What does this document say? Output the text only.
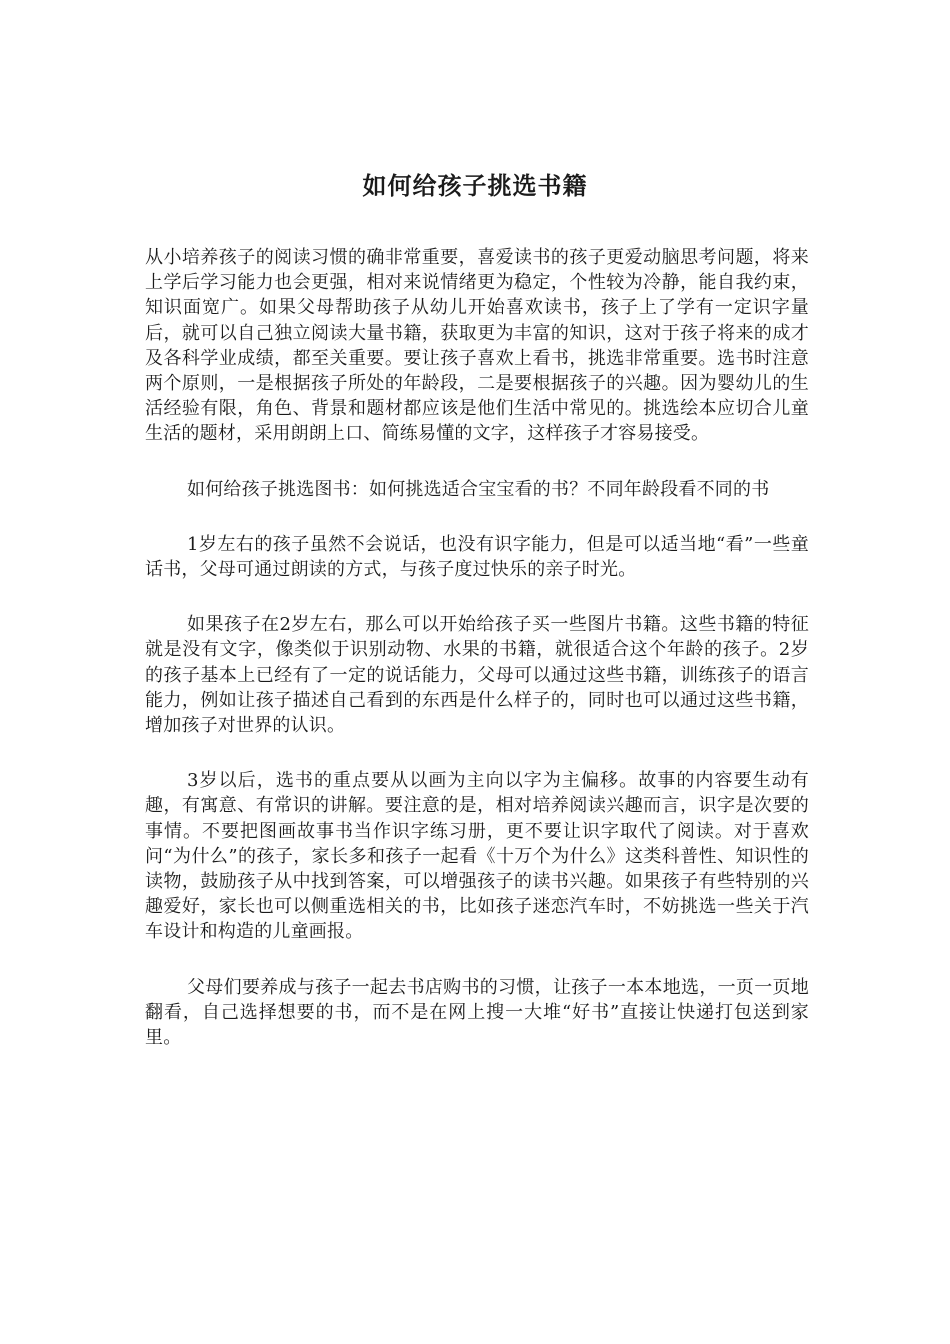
如何给孩子挑选书籍

从小培养孩子的阅读习惯的确非常重要，喜爱读书的孩子更爱动脑思考问题，将来上学后学习能力也会更强，相对来说情绪更为稳定，个性较为冷静，能自我约束，知识面宽广。如果父母帮助孩子从幼儿开始喜欢读书，孩子上了学有一定识字量后，就可以自己独立阅读大量书籍，获取更为丰富的知识，这对于孩子将来的成才及各科学业成绩，都至关重要。要让孩子喜欢上看书，挑选非常重要。选书时注意两个原则，一是根据孩子所处的年龄段，二是要根据孩子的兴趣。因为婴幼儿的生活经验有限，角色、背景和题材都应该是他们生活中常见的。挑选绘本应切合儿童生活的题材，采用朗朗上口、简练易懂的文字，这样孩子才容易接受。

如何给孩子挑选图书：如何挑选适合宝宝看的书？不同年龄段看不同的书

1岁左右的孩子虽然不会说话，也没有识字能力，但是可以适当地“看”一些童话书，父母可通过朗读的方式，与孩子度过快乐的亲子时光。

如果孩子在2岁左右，那么可以开始给孩子买一些图片书籍。这些书籍的特征就是没有文字，像类似于识别动物、水果的书籍，就很适合这个年龄的孩子。2岁的孩子基本上已经有了一定的说话能力，父母可以通过这些书籍，训练孩子的语言能力，例如让孩子描述自己看到的东西是什么样子的，同时也可以通过这些书籍，增加孩子对世界的认识。

3岁以后，选书的重点要从以画为主向以字为主偏移。故事的内容要生动有趣，有寓意、有常识的讲解。要注意的是，相对培养阅读兴趣而言，识字是次要的事情。不要把图画故事书当作识字练习册，更不要让识字取代了阅读。对于喜欢问“为什么”的孩子，家长多和孩子一起看《十万个为什么》这类科普性、知识性的读物，鼓励孩子从中找到答案，可以增强孩子的读书兴趣。如果孩子有些特别的兴趣爱好，家长也可以侧重选相关的书，比如孩子迷恋汽车时，不妨挑选一些关于汽车设计和构造的儿童画报。

父母们要养成与孩子一起去书店购书的习惯，让孩子一本本地选，一页一页地翻看，自己选择想要的书，而不是在网上搜一大堆“好书”直接让快递打包送到家里。
